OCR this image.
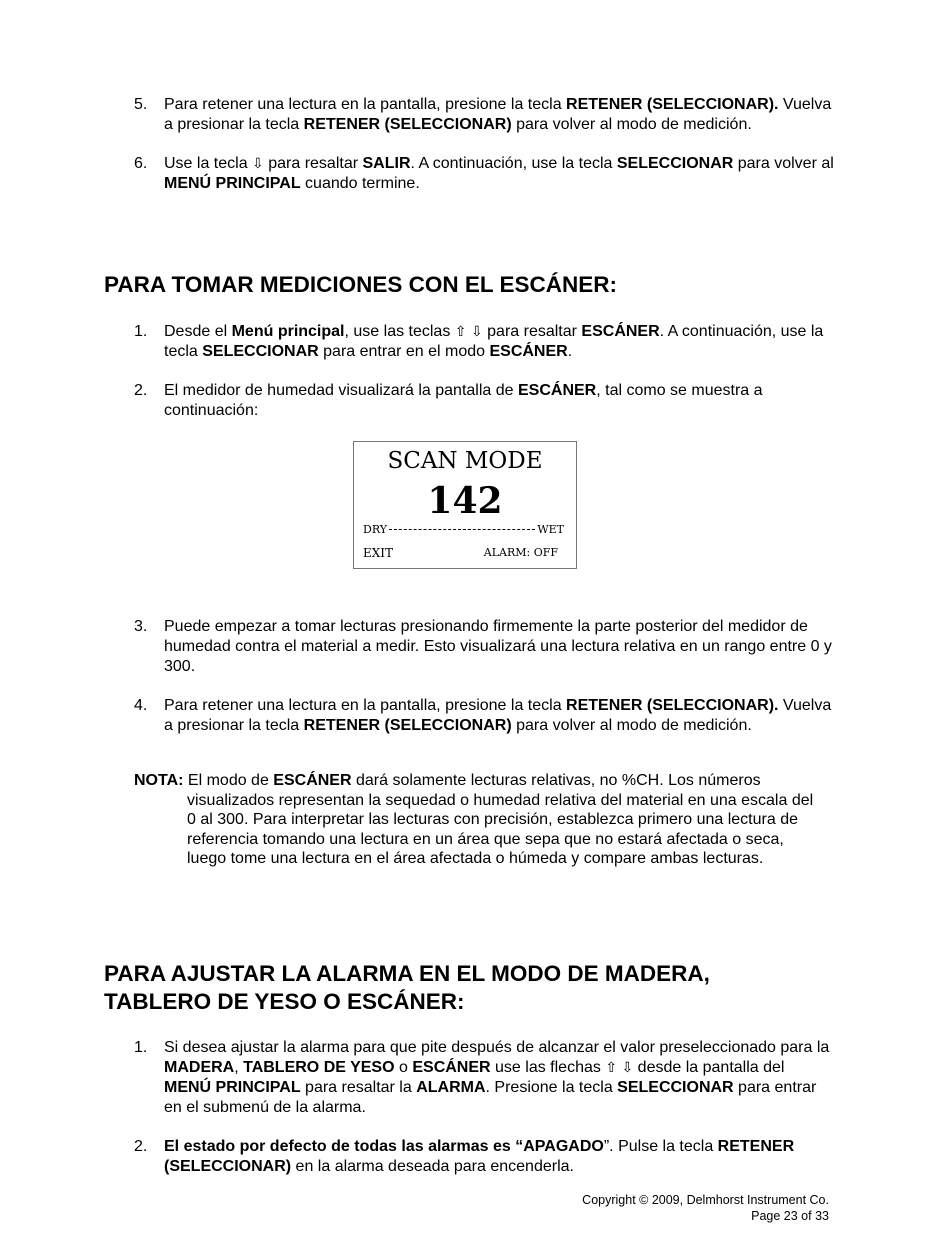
5.	Para retener una lectura en la pantalla, presione la tecla RETENER (SELECCIONAR). Vuelva a presionar la tecla RETENER (SELECCIONAR) para volver al modo de medición.
6.	Use la tecla ⇩ para resaltar SALIR. A continuación, use la tecla SELECCIONAR para volver al MENÚ PRINCIPAL cuando termine.
PARA TOMAR MEDICIONES CON EL ESCÁNER:
1.	Desde el Menú principal, use las teclas ⇧ ⇩ para resaltar ESCÁNER. A continuación, use la tecla SELECCIONAR para entrar en el modo ESCÁNER.
2.	El medidor de humedad visualizará la pantalla de ESCÁNER, tal como se muestra a continuación:
SCAN MODE
142
DRY	WET
EXIT	ALARM: OFF
3.	Puede empezar a tomar lecturas presionando firmemente la parte posterior del medidor de humedad contra el material a medir. Esto visualizará una lectura relativa en un rango entre 0 y 300.
4.	Para retener una lectura en la pantalla, presione la tecla RETENER (SELECCIONAR). Vuelva a presionar la tecla RETENER (SELECCIONAR) para volver al modo de medición.

NOTA: El modo de ESCÁNER dará solamente lecturas relativas, no %CH. Los números visualizados representan la sequedad o humedad relativa del material en una escala del 0 al 300. Para interpretar las lecturas con precisión, establezca primero una lectura de referencia tomando una lectura en un área que sepa que no estará afectada o seca, luego tome una lectura en el área afectada o húmeda y compare ambas lecturas.

PARA AJUSTAR LA ALARMA EN EL MODO DE MADERA,
TABLERO DE YESO O ESCÁNER:
1.	Si desea ajustar la alarma para que pite después de alcanzar el valor preseleccionado para la MADERA, TABLERO DE YESO o ESCÁNER use las flechas ⇧ ⇩ desde la pantalla del MENÚ PRINCIPAL para resaltar la ALARMA. Presione la tecla SELECCIONAR para entrar en el submenú de la alarma.
2.	El estado por defecto de todas las alarmas es “APAGADO”. Pulse la tecla RETENER (SELECCIONAR) en la alarma deseada para encenderla.
Copyright © 2009, Delmhorst Instrument Co.
Page 23 of 33
